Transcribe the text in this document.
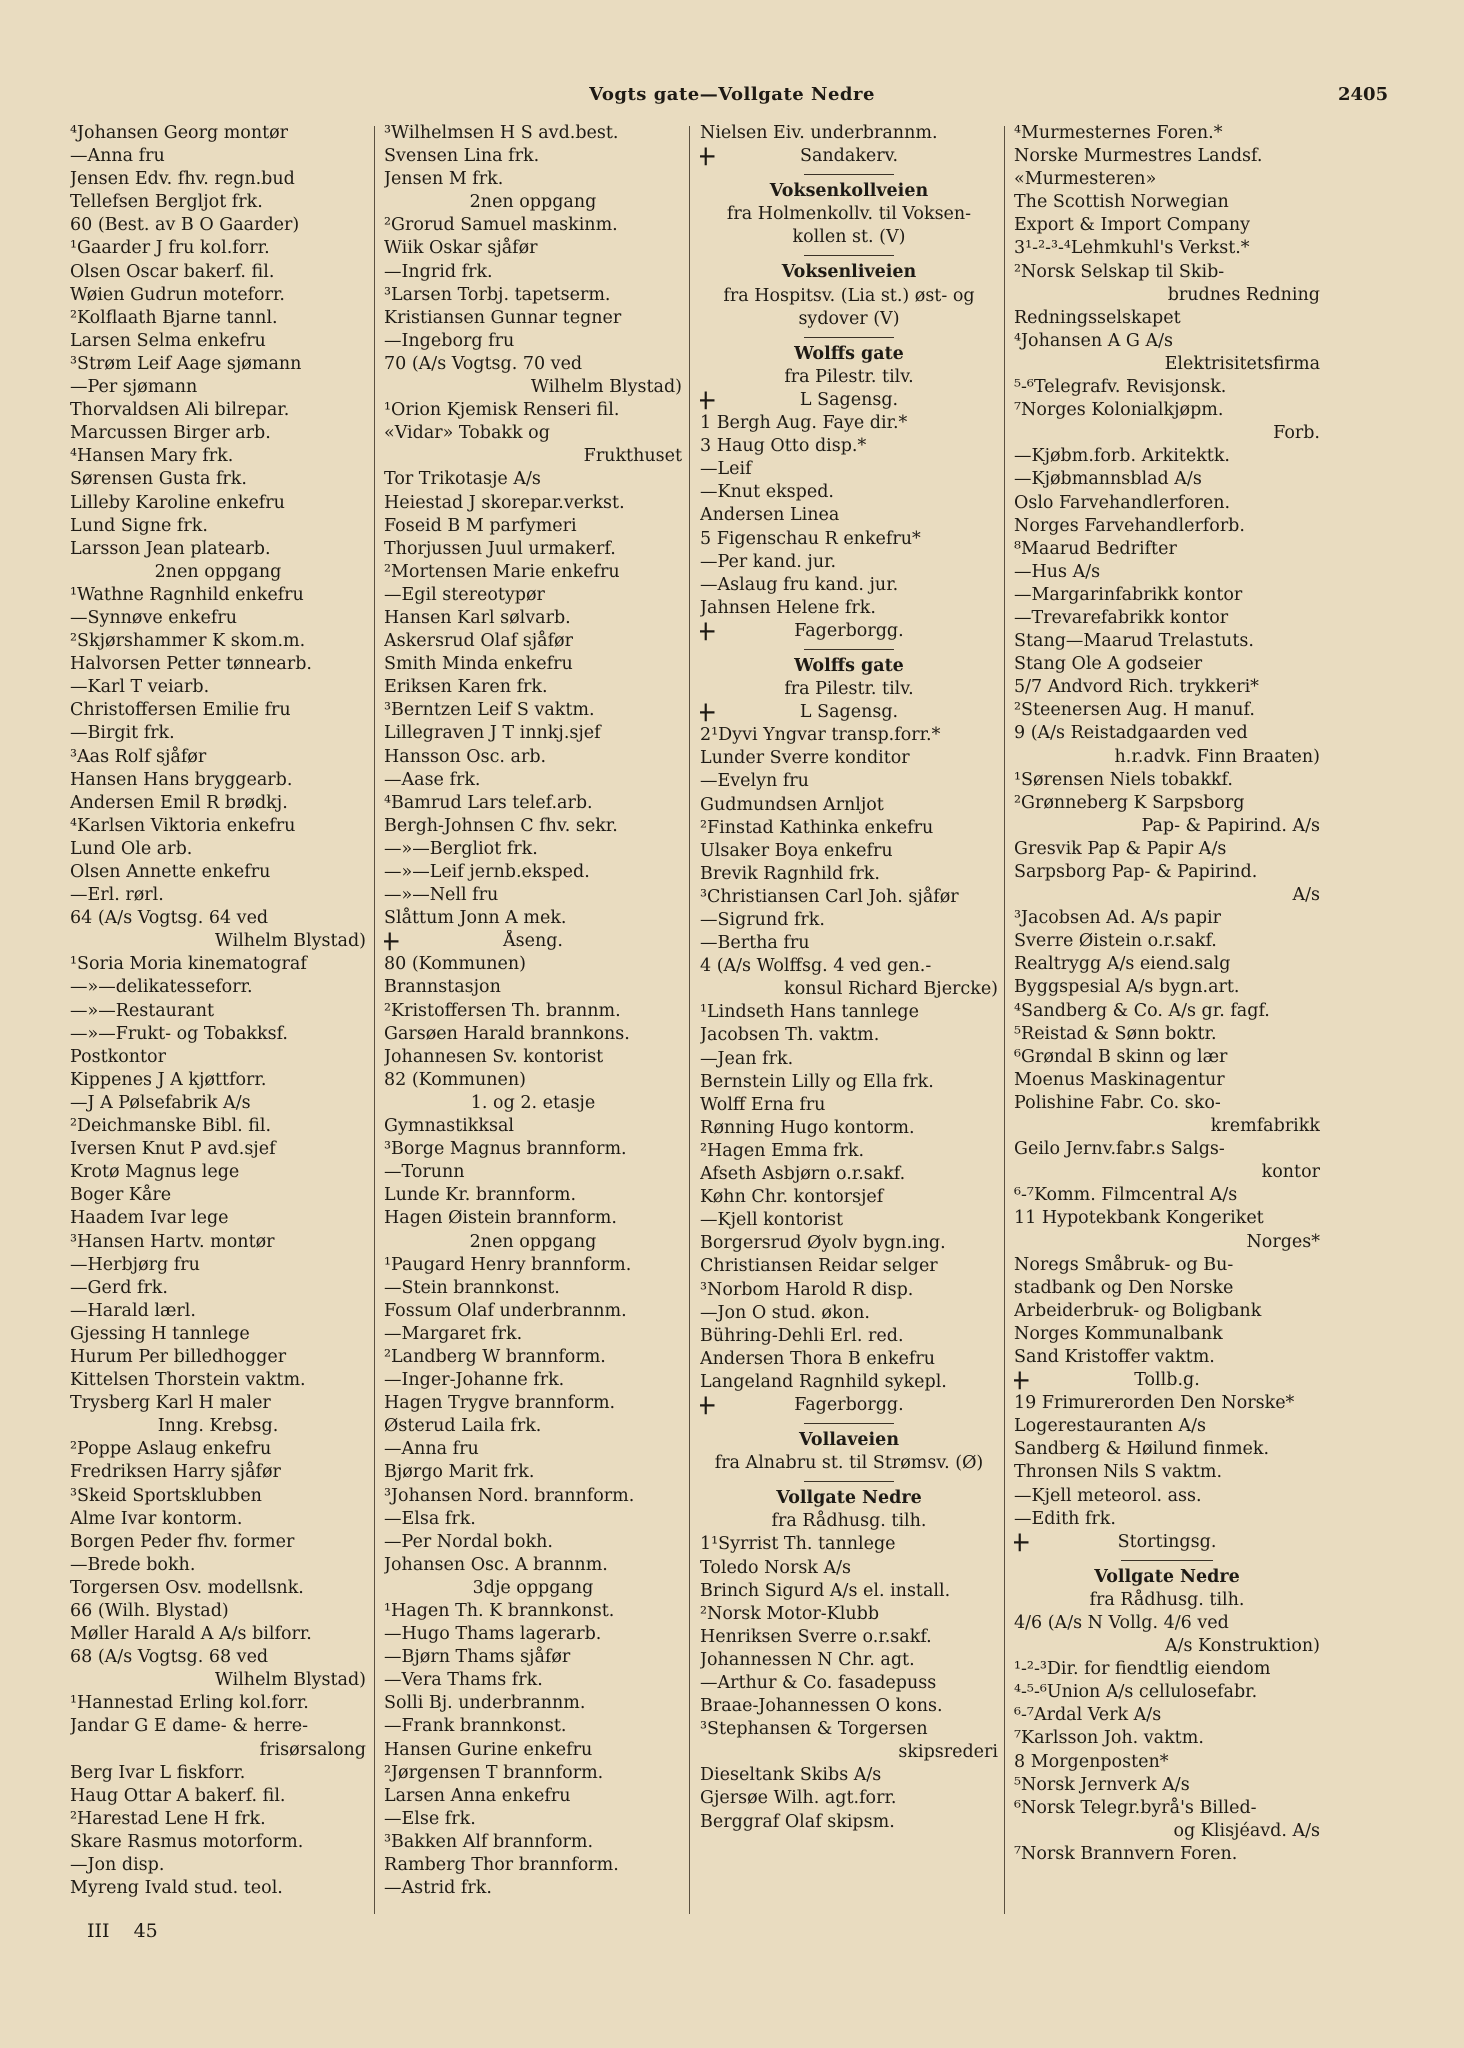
Vogts gate—Vollgate Nedre	2405
⁴Johansen Georg montør
—Anna fru
Jensen Edv. fhv. regn.bud
Tellefsen Bergljot frk.
60 (Best. av B O Gaarder)
¹Gaarder J fru kol.forr.
Olsen Oscar bakerf. fil.
Wøien Gudrun moteforr.
²Kolflaath Bjarne tannl.
Larsen Selma enkefru
³Strøm Leif Aage sjømann
—Per sjømann
Thorvaldsen Ali bilrepar.
Marcussen Birger arb.
⁴Hansen Mary frk.
Sørensen Gusta frk.
Lilleby Karoline enkefru
Lund Signe frk.
Larsson Jean platearb.
2nen oppgang
¹Wathne Ragnhild enkefru
—Synnøve enkefru
²Skjørshammer K skom.m.
Halvorsen Petter tønnearb.
—Karl T veiarb.
Christoffersen Emilie fru
—Birgit frk.
³Aas Rolf sjåfør
Hansen Hans bryggearb.
Andersen Emil R brødkj.
⁴Karlsen Viktoria enkefru
Lund Ole arb.
Olsen Annette enkefru
—Erl. rørl.
64 (A/s Vogtsg. 64 ved
Wilhelm Blystad)
¹Soria Moria kinematograf
—»—delikatesseforr.
—»—Restaurant
—»—Frukt- og Tobakksf.
Postkontor
Kippenes J A kjøttforr.
—J A Pølsefabrik A/s
²Deichmanske Bibl. fil.
Iversen Knut P avd.sjef
Krotø Magnus lege
Boger Kåre
Haadem Ivar lege
³Hansen Hartv. montør
—Herbjørg fru
—Gerd frk.
—Harald lærl.
Gjessing H tannlege
Hurum Per billedhogger
Kittelsen Thorstein vaktm.
Trysberg Karl H maler
Inng. Krebsg.
²Poppe Aslaug enkefru
Fredriksen Harry sjåfør
³Skeid Sportsklubben
Alme Ivar kontorm.
Borgen Peder fhv. former
—Brede bokh.
Torgersen Osv. modellsnk.
66 (Wilh. Blystad)
Møller Harald A A/s bilforr.
68 (A/s Vogtsg. 68 ved
Wilhelm Blystad)
¹Hannestad Erling kol.forr.
Jandar G E dame- & herre-
frisørsalong
Berg Ivar L fiskforr.
Haug Ottar A bakerf. fil.
²Harestad Lene H frk.
Skare Rasmus motorform.
—Jon disp.
Myreng Ivald stud. teol.
³Wilhelmsen H S avd.best.
Svensen Lina frk.
Jensen M frk.
2nen oppgang
²Grorud Samuel maskinm.
Wiik Oskar sjåfør
—Ingrid frk.
³Larsen Torbj. tapetserm.
Kristiansen Gunnar tegner
—Ingeborg fru
70 (A/s Vogtsg. 70 ved
Wilhelm Blystad)
¹Orion Kjemisk Renseri fil.
«Vidar» Tobakk og
Frukthuset
Tor Trikotasje A/s
Heiestad J skorepar.verkst.
Foseid B M parfymeri
Thorjussen Juul urmakerf.
²Mortensen Marie enkefru
—Egil stereotypør
Hansen Karl sølvarb.
Askersrud Olaf sjåfør
Smith Minda enkefru
Eriksen Karen frk.
³Berntzen Leif S vaktm.
Lillegraven J T innkj.sjef
Hansson Osc. arb.
—Aase frk.
⁴Bamrud Lars telef.arb.
Bergh-Johnsen C fhv. sekr.
—»—Bergliot frk.
—»—Leif jernb.eksped.
—»—Nell fru
Slåttum Jonn A mek.
+ Åseng.
80 (Kommunen)
Brannstasjon
²Kristoffersen Th. brannm.
Garsøen Harald brannkons.
Johannesen Sv. kontorist
82 (Kommunen)
1. og 2. etasje
Gymnastikksal
³Borge Magnus brannform.
—Torunn
Lunde Kr. brannform.
Hagen Øistein brannform.
2nen oppgang
¹Paugard Henry brannform.
—Stein brannkonst.
Fossum Olaf underbrannm.
—Margaret frk.
²Landberg W brannform.
—Inger-Johanne frk.
Hagen Trygve brannform.
Østerud Laila frk.
—Anna fru
Bjørgo Marit frk.
³Johansen Nord. brannform.
—Elsa frk.
—Per Nordal bokh.
Johansen Osc. A brannm.
3dje oppgang
¹Hagen Th. K brannkonst.
—Hugo Thams lagerarb.
—Bjørn Thams sjåfør
—Vera Thams frk.
Solli Bj. underbrannm.
—Frank brannkonst.
Hansen Gurine enkefru
²Jørgensen T brannform.
Larsen Anna enkefru
—Else frk.
³Bakken Alf brannform.
Ramberg Thor brannform.
—Astrid frk.
Nielsen Eiv. underbrannm.
+ Sandakerv.
Voksenkollveien
fra Holmenkollv. til Voksen-
kollen st. (V)
Voksenliveien
fra Hospitsv. (Lia st.) øst- og
sydover (V)
Wolffs gate
fra Pilestr. tilv.
+ L Sagensg.
1 Bergh Aug. Faye dir.*
3 Haug Otto disp.*
—Leif
—Knut eksped.
Andersen Linea
5 Figenschau R enkefru*
—Per kand. jur.
—Aslaug fru kand. jur.
Jahnsen Helene frk.
+ Fagerborgg.
Wolffs gate
fra Pilestr. tilv.
+ L Sagensg.
2¹Dyvi Yngvar transp.forr.*
Lunder Sverre konditor
—Evelyn fru
Gudmundsen Arnljot
²Finstad Kathinka enkefru
Ulsaker Boya enkefru
Brevik Ragnhild frk.
³Christiansen Carl Joh. sjåfør
—Sigrund frk.
—Bertha fru
4 (A/s Wolffsg. 4 ved gen.-
konsul Richard Bjercke)
¹Lindseth Hans tannlege
Jacobsen Th. vaktm.
—Jean frk.
Bernstein Lilly og Ella frk.
Wolff Erna fru
Rønning Hugo kontorm.
²Hagen Emma frk.
Afseth Asbjørn o.r.sakf.
Køhn Chr. kontorsjef
—Kjell kontorist
Borgersrud Øyolv bygn.ing.
Christiansen Reidar selger
³Norbom Harold R disp.
—Jon O stud. økon.
Bühring-Dehli Erl. red.
Andersen Thora B enkefru
Langeland Ragnhild sykepl.
+ Fagerborgg.
Vollaveien
fra Alnabru st. til Strømsv. (Ø)
Vollgate Nedre
fra Rådhusg. tilh.
1¹Syrrist Th. tannlege
Toledo Norsk A/s
Brinch Sigurd A/s el. install.
²Norsk Motor-Klubb
Henriksen Sverre o.r.sakf.
Johannessen N Chr. agt.
—Arthur & Co. fasadepuss
Braae-Johannessen O kons.
³Stephansen & Torgersen
skipsrederi
Dieseltank Skibs A/s
Gjersøe Wilh. agt.forr.
Berggraf Olaf skipsm.
⁴Murmesternes Foren.*
Norske Murmestres Landsf.
«Murmesteren»
The Scottish Norwegian
Export & Import Company
3¹-²-³-⁴Lehmkuhl's Verkst.*
²Norsk Selskap til Skib-
brudnes Redning
Redningsselskapet
⁴Johansen A G A/s
Elektrisitetsfirma
⁵-⁶Telegrafv. Revisjonsk.
⁷Norges Kolonialkjøpm.
Forb.
—Kjøbm.forb. Arkitektk.
—Kjøbmannsblad A/s
Oslo Farvehandlerforen.
Norges Farvehandlerforb.
⁸Maarud Bedrifter
—Hus A/s
—Margarinfabrikk kontor
—Trevarefabrikk kontor
Stang—Maarud Trelastuts.
Stang Ole A godseier
5/7 Andvord Rich. trykkeri*
²Steenersen Aug. H manuf.
9 (A/s Reistadgaarden ved
h.r.advk. Finn Braaten)
¹Sørensen Niels tobakkf.
²Grønneberg K Sarpsborg
Pap- & Papirind. A/s
Gresvik Pap & Papir A/s
Sarpsborg Pap- & Papirind.
A/s
³Jacobsen Ad. A/s papir
Sverre Øistein o.r.sakf.
Realtrygg A/s eiend.salg
Byggspesial A/s bygn.art.
⁴Sandberg & Co. A/s gr. fagf.
⁵Reistad & Sønn boktr.
⁶Grøndal B skinn og lær
Moenus Maskinagentur
Polishine Fabr. Co. sko-
kremfabrikk
Geilo Jernv.fabr.s Salgs-
kontor
⁶-⁷Komm. Filmcentral A/s
11 Hypotekbank Kongeriket
Norges*
Noregs Småbruk- og Bu-
stadbank og Den Norske
Arbeiderbruk- og Boligbank
Norges Kommunalbank
Sand Kristoffer vaktm.
+ Tollb.g.
19 Frimurerorden Den Norske*
Logerestauranten A/s
Sandberg & Høilund finmek.
Thronsen Nils S vaktm.
—Kjell meteorol. ass.
—Edith frk.
+ Stortingsg.
Vollgate Nedre
fra Rådhusg. tilh.
4/6 (A/s N Vollg. 4/6 ved
A/s Konstruktion)
¹-²-³Dir. for fiendtlig eiendom
⁴-⁵-⁶Union A/s cellulosefabr.
⁶-⁷Ardal Verk A/s
⁷Karlsson Joh. vaktm.
8 Morgenposten*
⁵Norsk Jernverk A/s
⁶Norsk Telegr.byrå's Billed-
og Klisjéavd. A/s
⁷Norsk Brannvern Foren.
III 45
